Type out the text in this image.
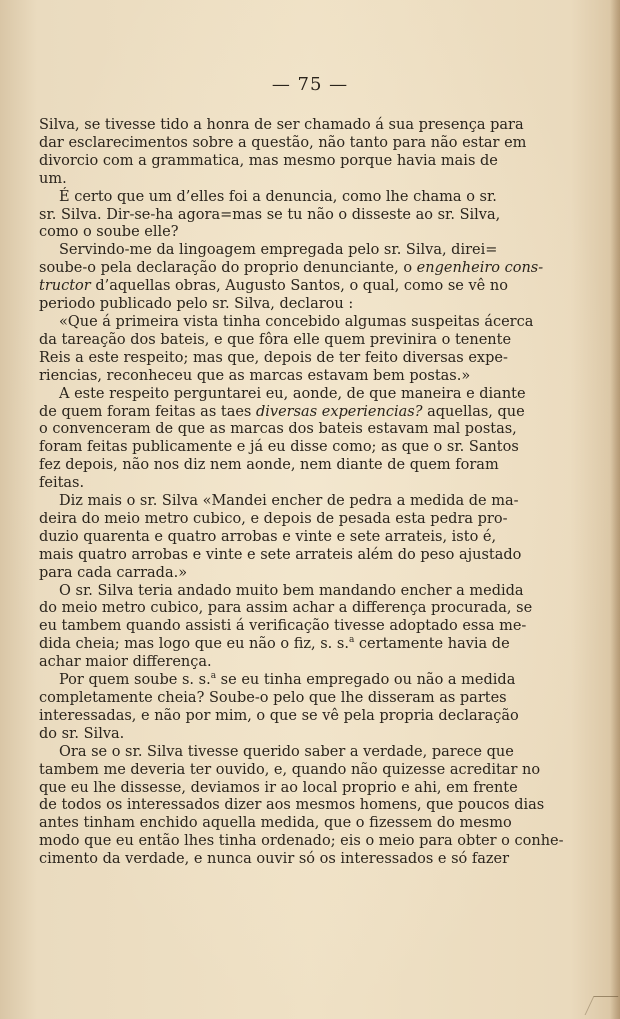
— 75 —
Silva, se tivesse tido a honra de ser chamado á sua presença para
dar esclarecimentos sobre a questão, não tanto para não estar em
divorcio com a grammatica, mas mesmo porque havia mais de
um.
É certo que um d’elles foi a denuncia, como lhe chama o sr.
sr. Silva. Dir-se-ha agora=mas se tu não o disseste ao sr. Silva,
como o soube elle?
Servindo-me da lingoagem empregada pelo sr. Silva, direi=
soube-o pela declaração do proprio denunciante, o engenheiro cons-
tructor d’aquellas obras, Augusto Santos, o qual, como se vê no
periodo publicado pelo sr. Silva, declarou :
«Que á primeira vista tinha concebido algumas suspeitas ácerca
da tareação dos bateis, e que fôra elle quem previnira o tenente
Reis a este respeito; mas que, depois de ter feito diversas expe-
riencias, reconheceu que as marcas estavam bem postas.»
A este respeito perguntarei eu, aonde, de que maneira e diante
de quem foram feitas as taes diversas experiencias? aquellas, que
o convenceram de que as marcas dos bateis estavam mal postas,
foram feitas publicamente e já eu disse como; as que o sr. Santos
fez depois, não nos diz nem aonde, nem diante de quem foram
feitas.
Diz mais o sr. Silva «Mandei encher de pedra a medida de ma-
deira do meio metro cubico, e depois de pesada esta pedra pro-
duzio quarenta e quatro arrobas e vinte e sete arrateis, isto é,
mais quatro arrobas e vinte e sete arrateis além do peso ajustado
para cada carrada.»
O sr. Silva teria andado muito bem mandando encher a medida
do meio metro cubico, para assim achar a differença procurada, se
eu tambem quando assisti á verificação tivesse adoptado essa me-
dida cheia; mas logo que eu não o fiz, s. s.$^a$ certamente havia de
achar maior differença.
Por quem soube s. s.$^a$ se eu tinha empregado ou não a medida
completamente cheia? Soube-o pelo que lhe disseram as partes
interessadas, e não por mim, o que se vê pela propria declaração
do sr. Silva.
Ora se o sr. Silva tivesse querido saber a verdade, parece que
tambem me deveria ter ouvido, e, quando não quizesse acreditar no
que eu lhe dissesse, deviamos ir ao local proprio e ahi, em frente
de todos os interessados dizer aos mesmos homens, que poucos dias
antes tinham enchido aquella medida, que o fizessem do mesmo
modo que eu então lhes tinha ordenado; eis o meio para obter o conhe-
cimento da verdade, e nunca ouvir só os interessados e só fazer
